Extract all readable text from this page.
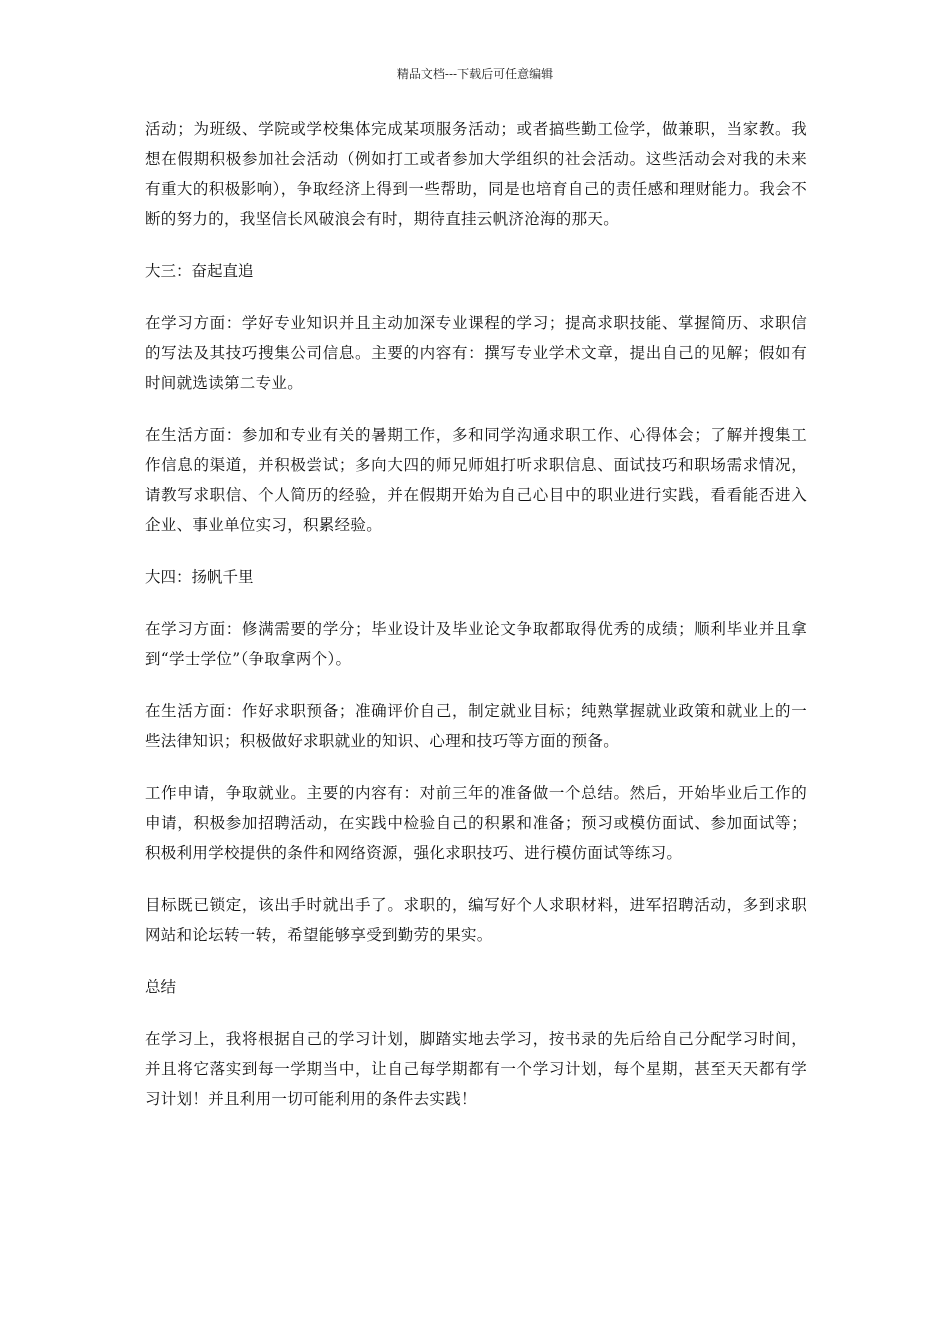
精品文档---下载后可任意编辑

活动；为班级、学院或学校集体完成某项服务活动；或者搞些勤工俭学，做兼职，当家教。我想在假期积极参加社会活动（例如打工或者参加大学组织的社会活动。这些活动会对我的未来有重大的积极影响），争取经济上得到一些帮助，同是也培育自己的责任感和理财能力。我会不断的努力的，我坚信长风破浪会有时，期待直挂云帆济沧海的那天。

大三：奋起直追

在学习方面：学好专业知识并且主动加深专业课程的学习；提高求职技能、掌握简历、求职信的写法及其技巧搜集公司信息。主要的内容有：撰写专业学术文章，提出自己的见解；假如有时间就选读第二专业。

在生活方面：参加和专业有关的暑期工作，多和同学沟通求职工作、心得体会；了解并搜集工作信息的渠道，并积极尝试；多向大四的师兄师姐打听求职信息、面试技巧和职场需求情况，请教写求职信、个人简历的经验，并在假期开始为自己心目中的职业进行实践，看看能否进入企业、事业单位实习，积累经验。

大四：扬帆千里

在学习方面：修满需要的学分；毕业设计及毕业论文争取都取得优秀的成绩；顺利毕业并且拿到“学士学位”（争取拿两个）。

在生活方面：作好求职预备；准确评价自己，制定就业目标；纯熟掌握就业政策和就业上的一些法律知识；积极做好求职就业的知识、心理和技巧等方面的预备。

工作申请，争取就业。主要的内容有：对前三年的准备做一个总结。然后，开始毕业后工作的申请，积极参加招聘活动，在实践中检验自己的积累和准备；预习或模仿面试、参加面试等；积极利用学校提供的条件和网络资源，强化求职技巧、进行模仿面试等练习。

目标既已锁定，该出手时就出手了。求职的，编写好个人求职材料，进军招聘活动，多到求职网站和论坛转一转，希望能够享受到勤劳的果实。

总结

在学习上，我将根据自己的学习计划，脚踏实地去学习，按书录的先后给自己分配学习时间，并且将它落实到每一学期当中，让自己每学期都有一个学习计划，每个星期，甚至天天都有学习计划！并且利用一切可能利用的条件去实践！
